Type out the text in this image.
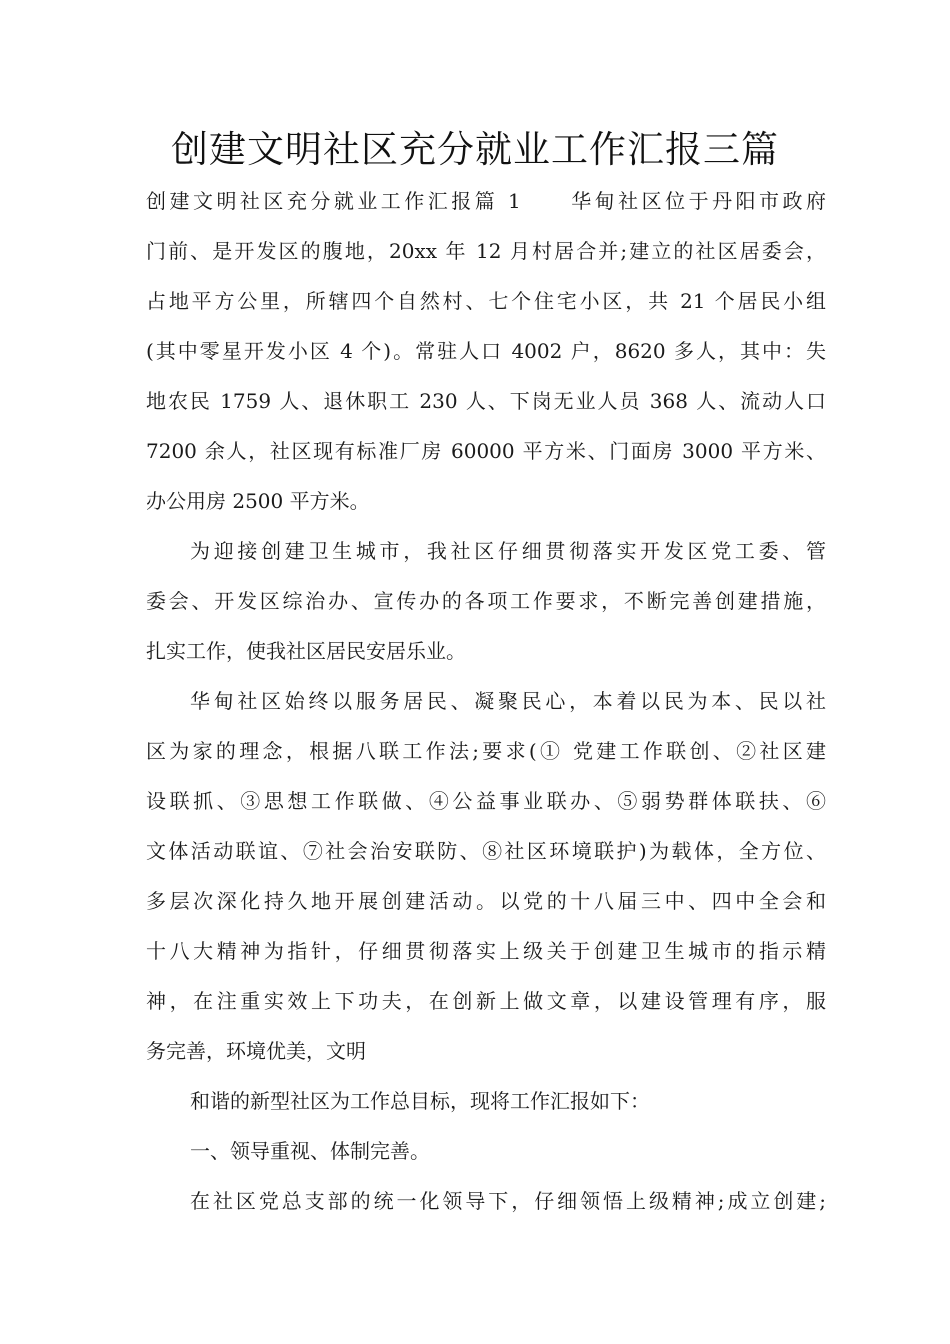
创建文明社区充分就业工作汇报三篇
创建文明社区充分就业工作汇报篇 1　　华甸社区位于丹阳市政府
门前、是开发区的腹地，20xx 年 12 月村居合并;建立的社区居委会，
占地平方公里，所辖四个自然村、七个住宅小区，共 21 个居民小组
(其中零星开发小区 4 个)。常驻人口 4002 户，8620 多人，其中：失
地农民 1759 人、退休职工 230 人、下岗无业人员 368 人、流动人口
7200 余人，社区现有标准厂房 60000 平方米、门面房 3000 平方米、
办公用房 2500 平方米。
为迎接创建卫生城市，我社区仔细贯彻落实开发区党工委、管
委会、开发区综治办、宣传办的各项工作要求，不断完善创建措施，
扎实工作，使我社区居民安居乐业。
华甸社区始终以服务居民、凝聚民心，本着以民为本、民以社
区为家的理念，根据八联工作法;要求(① 党建工作联创、②社区建
设联抓、③思想工作联做、④公益事业联办、⑤弱势群体联扶、⑥
文体活动联谊、⑦社会治安联防、⑧社区环境联护)为载体，全方位、
多层次深化持久地开展创建活动。以党的十八届三中、四中全会和
十八大精神为指针，仔细贯彻落实上级关于创建卫生城市的指示精
神，在注重实效上下功夫，在创新上做文章，以建设管理有序，服
务完善，环境优美，文明
和谐的新型社区为工作总目标，现将工作汇报如下：
一、领导重视、体制完善。
在社区党总支部的统一化领导下，仔细领悟上级精神;成立创建;
